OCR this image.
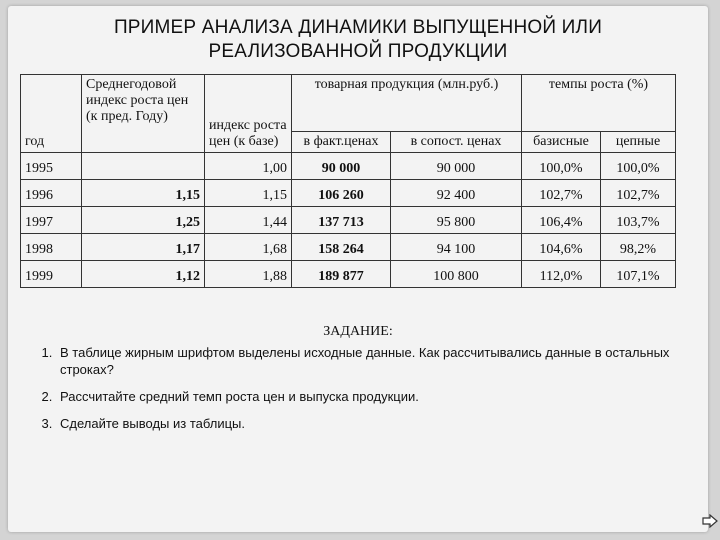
ПРИМЕР АНАЛИЗА ДИНАМИКИ ВЫПУЩЕННОЙ ИЛИ
РЕАЛИЗОВАННОЙ ПРОДУКЦИИ
год	Среднегодовой индекс роста цен (к пред. Году)	индекс роста цен (к базе)	товарная продукция (млн.руб.)		темпы роста (%)	
			в факт.ценах	в сопост. ценах	базисные	цепные
1995		1,00	90 000	90 000	100,0%	100,0%
1996	1,15	1,15	106 260	92 400	102,7%	102,7%
1997	1,25	1,44	137 713	95 800	106,4%	103,7%
1998	1,17	1,68	158 264	94 100	104,6%	98,2%
1999	1,12	1,88	189 877	100 800	112,0%	107,1%
ЗАДАНИЕ:
1. В таблице жирным шрифтом выделены исходные данные. Как рассчитывались данные в остальных строках?
2. Рассчитайте средний темп роста цен и выпуска продукции.
3. Сделайте выводы из таблицы.
